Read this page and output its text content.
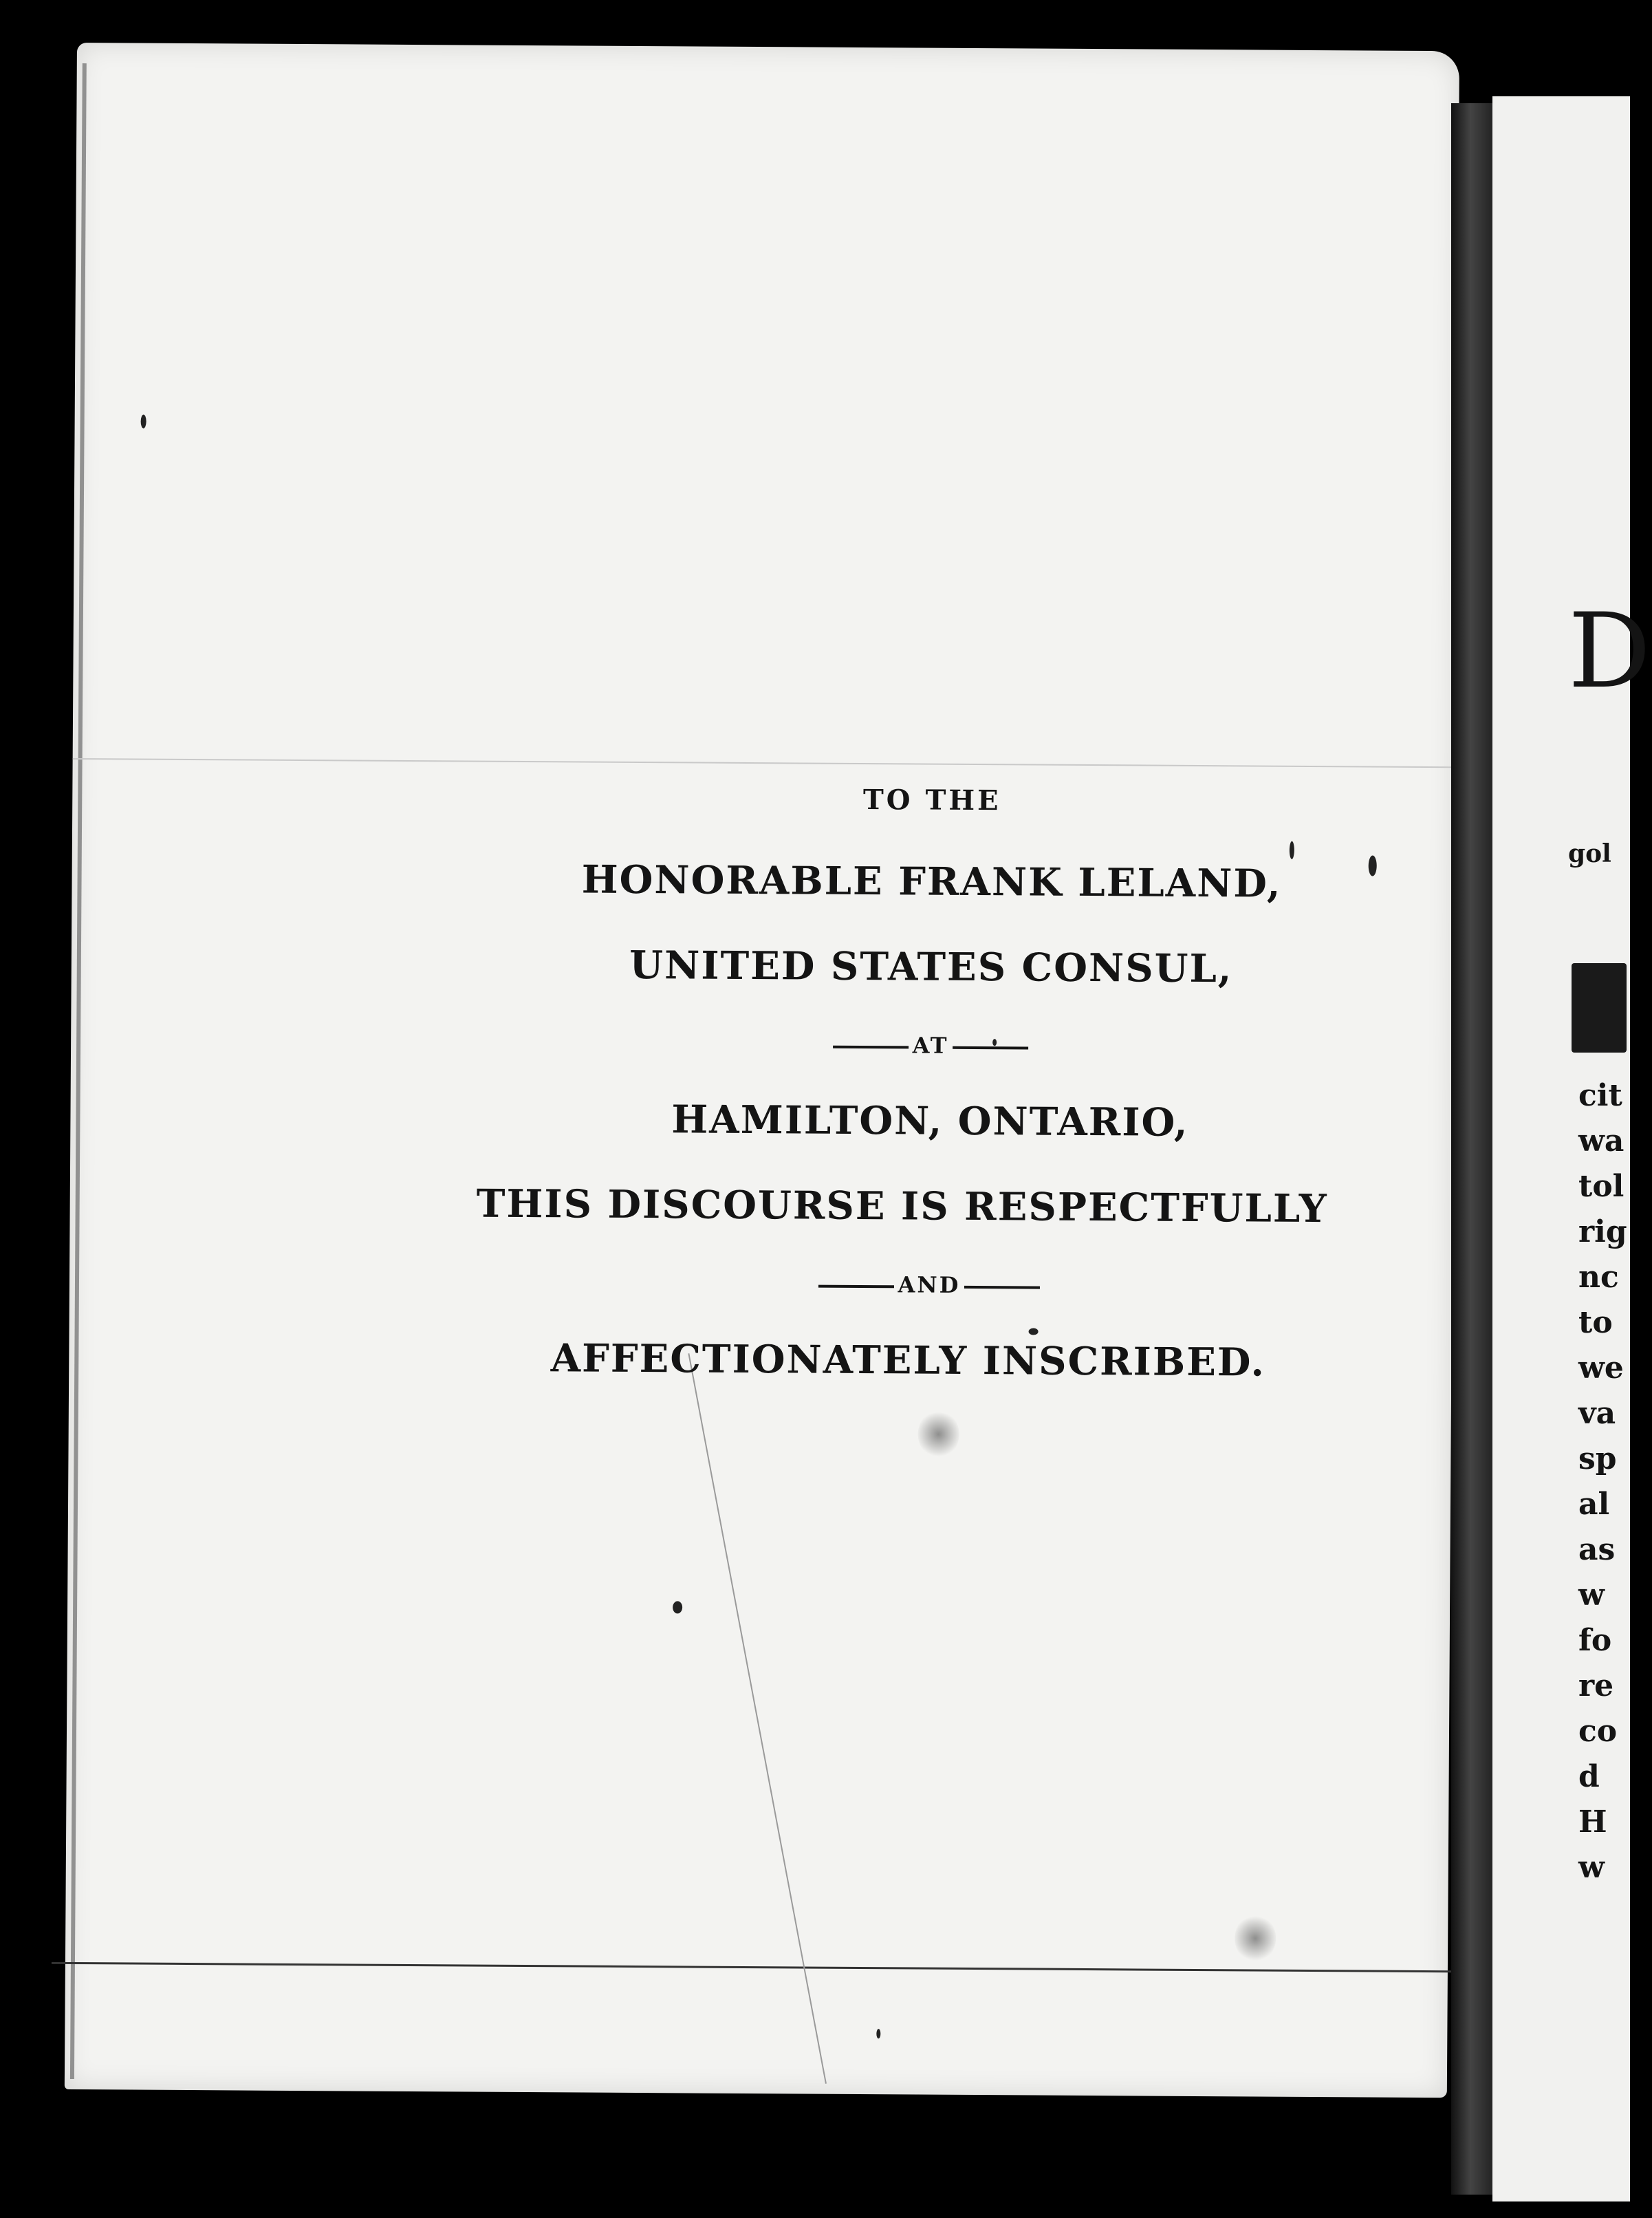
TO THE
HONORABLE FRANK LELAND,
UNITED STATES CONSUL,
AT
HAMILTON, ONTARIO,
THIS DISCOURSE IS RESPECTFULLY
AND
AFFECTIONATELY INSCRIBED.
D
gol
cit
wa
tol
rig
nc
to
we
va
sp
al
as
w
fo
re
co
d
H
w
